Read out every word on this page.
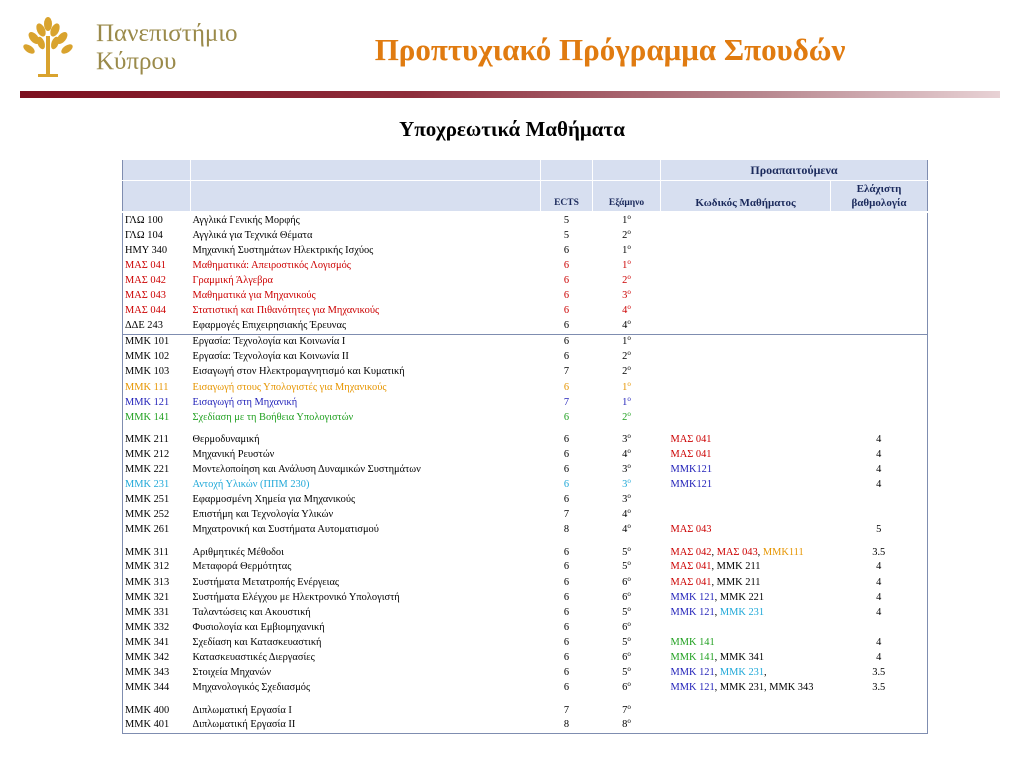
Πανεπιστήμιο
Κύπρου	Προπτυχιακό Πρόγραμμα Σπουδών
Υποχρεωτικά Μαθήματα
				Προαπαιτούμενα	
		ECTS	Εξάμηνο	Κωδικός Μαθήματος	Ελάχιστη
βαθμολογία

ΓΛΩ 100	Αγγλικά Γενικής Μορφής	5	$1^o$		
ΓΛΩ 104	Αγγλικά για Τεχνικά Θέματα	5	$2^o$		
ΗΜΥ 340	Μηχανική Συστημάτων Ηλεκτρικής Ισχύος	6	$1^o$		
ΜΑΣ 041	Μαθηματικά: Απειροστικός Λογισμός	6	$1^o$		
ΜΑΣ 042	Γραμμική Άλγεβρα	6	$2^o$		
ΜΑΣ 043	Μαθηματικά για Μηχανικούς	6	$3^o$		
ΜΑΣ 044	Στατιστική και Πιθανότητες για Μηχανικούς	6	$4^o$		
ΔΔΕ 243	Εφαρμογές Επιχειρησιακής Έρευνας	6	$4^o$		
ΜΜΚ 101	Εργασία: Τεχνολογία και Κοινωνία Ι	6	$1^o$		
ΜΜΚ 102	Εργασία: Τεχνολογία και Κοινωνία ΙΙ	6	$2^o$		
ΜΜΚ 103	Εισαγωγή στον Ηλεκτρομαγνητισμό και Κυματική	7	$2^o$		
ΜΜΚ 111	Εισαγωγή στους Υπολογιστές για Μηχανικούς	6	$1^o$		
ΜΜΚ 121	Εισαγωγή στη Μηχανική	7	$1^o$		
ΜΜΚ 141	Σχεδίαση με τη Βοήθεια Υπολογιστών	6	$2^o$		
ΜΜΚ 211	Θερμοδυναμική	6	$3^o$	ΜΑΣ 041	4
ΜΜΚ 212	Μηχανική Ρευστών	6	$4^o$	ΜΑΣ 041	4
ΜΜΚ 221	Μοντελοποίηση και Ανάλυση Δυναμικών Συστημάτων	6	$3^o$	ΜΜΚ121	4
ΜΜΚ 231	Αντοχή Υλικών (ΠΠΜ 230)	6	$3^o$	ΜΜΚ121	4
ΜΜΚ 251	Εφαρμοσμένη Χημεία για Μηχανικούς	6	$3^o$		
ΜΜΚ 252	Επιστήμη και Τεχνολογία Υλικών	7	$4^o$		
ΜΜΚ 261	Μηχατρονική και Συστήματα Αυτοματισμού	8	$4^o$	ΜΑΣ 043	5
ΜΜΚ 311	Αριθμητικές Μέθοδοι	6	$5^o$	ΜΑΣ 042, ΜΑΣ 043, ΜΜΚ111	3.5
ΜΜΚ 312	Μεταφορά Θερμότητας	6	$5^o$	ΜΑΣ 041, ΜΜΚ 211	4
ΜΜΚ 313	Συστήματα Μετατροπής Ενέργειας	6	$6^o$	ΜΑΣ 041, ΜΜΚ 211	4
ΜΜΚ 321	Συστήματα Ελέγχου με Ηλεκτρονικό Υπολογιστή	6	$6^o$	ΜΜΚ 121, ΜΜΚ 221	4
ΜΜΚ 331	Ταλαντώσεις και Ακουστική	6	$5^o$	ΜΜΚ 121, ΜΜΚ 231	4
ΜΜΚ 332	Φυσιολογία και Εμβιομηχανική	6	$6^o$		
ΜΜΚ 341	Σχεδίαση και Κατασκευαστική	6	$5^o$	ΜΜΚ 141	4
ΜΜΚ 342	Κατασκευαστικές Διεργασίες	6	$6^o$	ΜΜΚ 141, ΜΜΚ 341	4
ΜΜΚ 343	Στοιχεία Μηχανών	6	$5^o$	ΜΜΚ 121, ΜΜΚ 231,	3.5
ΜΜΚ 344	Μηχανολογικός Σχεδιασμός	6	$6^o$	ΜΜΚ 121, ΜΜΚ 231, ΜΜΚ 343	3.5
ΜΜΚ 400	Διπλωματική Εργασία Ι	7	$7^o$		
ΜΜΚ 401	Διπλωματική Εργασία ΙΙ	8	$8^o$		
